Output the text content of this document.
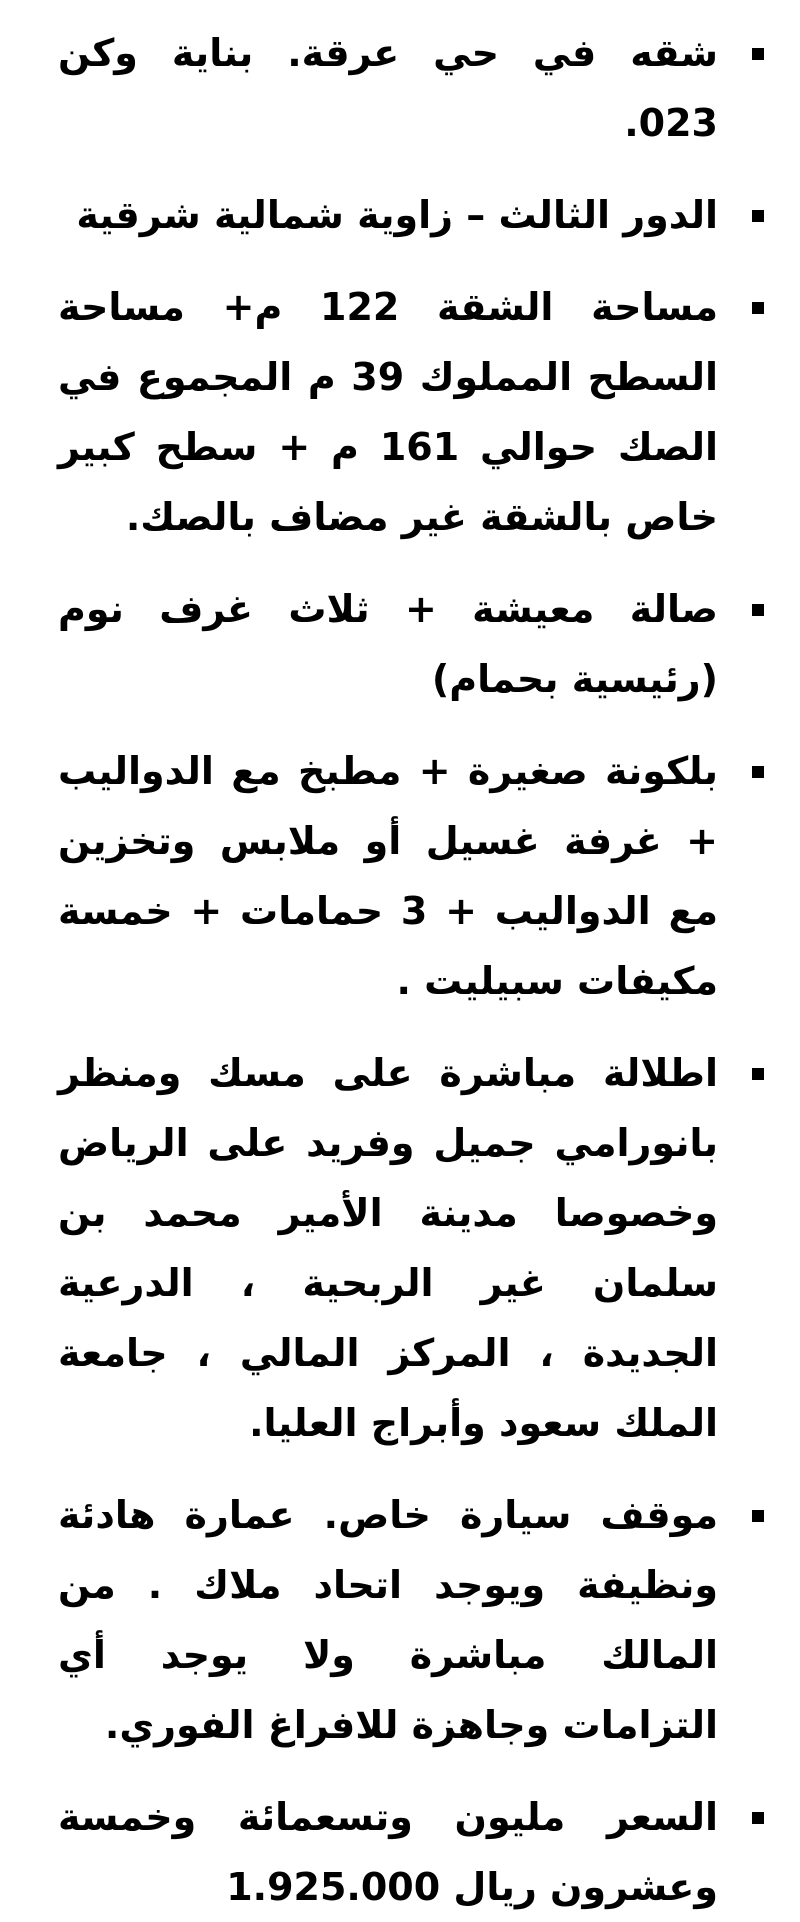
شقه في حي عرقة. بناية وكن 023.
الدور الثالث – زاوية شمالية شرقية
مساحة الشقة 122 م+ مساحة السطح المملوك 39 م المجموع في الصك حوالي 161 م + سطح كبير خاص بالشقة غير مضاف بالصك.
صالة معيشة + ثلاث غرف نوم (رئيسية بحمام)
بلكونة صغيرة + مطبخ مع الدواليب + غرفة غسيل أو ملابس وتخزين مع الدواليب + 3 حمامات + خمسة مكيفات سبيليت .
اطلالة مباشرة على مسك ومنظر بانورامي جميل وفريد على الرياض وخصوصا مدينة الأمير محمد بن سلمان غير الربحية ، الدرعية الجديدة ، المركز المالي ، جامعة الملك سعود وأبراج العليا.
موقف سيارة خاص. عمارة هادئة ونظيفة ويوجد اتحاد ملاك . من المالك مباشرة ولا يوجد أي التزامات وجاهزة للافراغ الفوري.
السعر مليون وتسعمائة وخمسة وعشرون ريال 1.925.000
